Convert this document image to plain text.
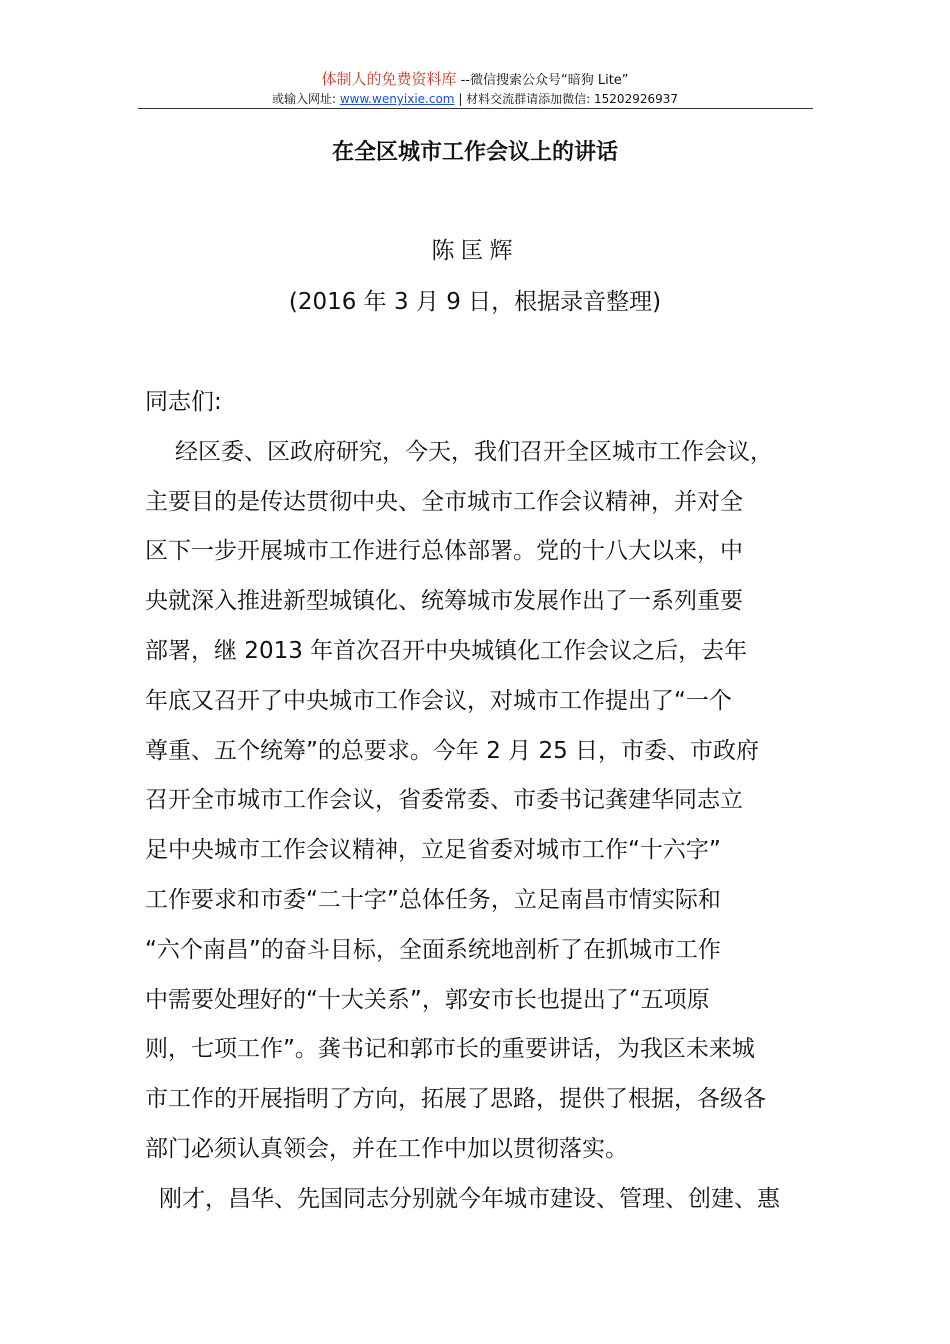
体制人的免费资料库 --微信搜索公众号“暗狗 Lite”
或输入网址: www.wenyixie.com | 材料交流群请添加微信: 15202926937
在全区城市工作会议上的讲话
陈匡辉
(2016 年 3 月 9 日，根据录音整理)
同志们:
经区委、区政府研究，今天，我们召开全区城市工作会议，
主要目的是传达贯彻中央、全市城市工作会议精神，并对全
区下一步开展城市工作进行总体部署。党的十八大以来，中
央就深入推进新型城镇化、统筹城市发展作出了一系列重要
部署，继 2013 年首次召开中央城镇化工作会议之后，去年
年底又召开了中央城市工作会议，对城市工作提出了“一个
尊重、五个统筹”的总要求。今年 2 月 25 日，市委、市政府
召开全市城市工作会议，省委常委、市委书记龚建华同志立
足中央城市工作会议精神，立足省委对城市工作“十六字”
工作要求和市委“二十字”总体任务，立足南昌市情实际和
“六个南昌”的奋斗目标，全面系统地剖析了在抓城市工作
中需要处理好的“十大关系”，郭安市长也提出了“五项原
则，七项工作”。龚书记和郭市长的重要讲话，为我区未来城
市工作的开展指明了方向，拓展了思路，提供了根据，各级各
部门必须认真领会，并在工作中加以贯彻落实。
刚才，昌华、先国同志分别就今年城市建设、管理、创建、惠
